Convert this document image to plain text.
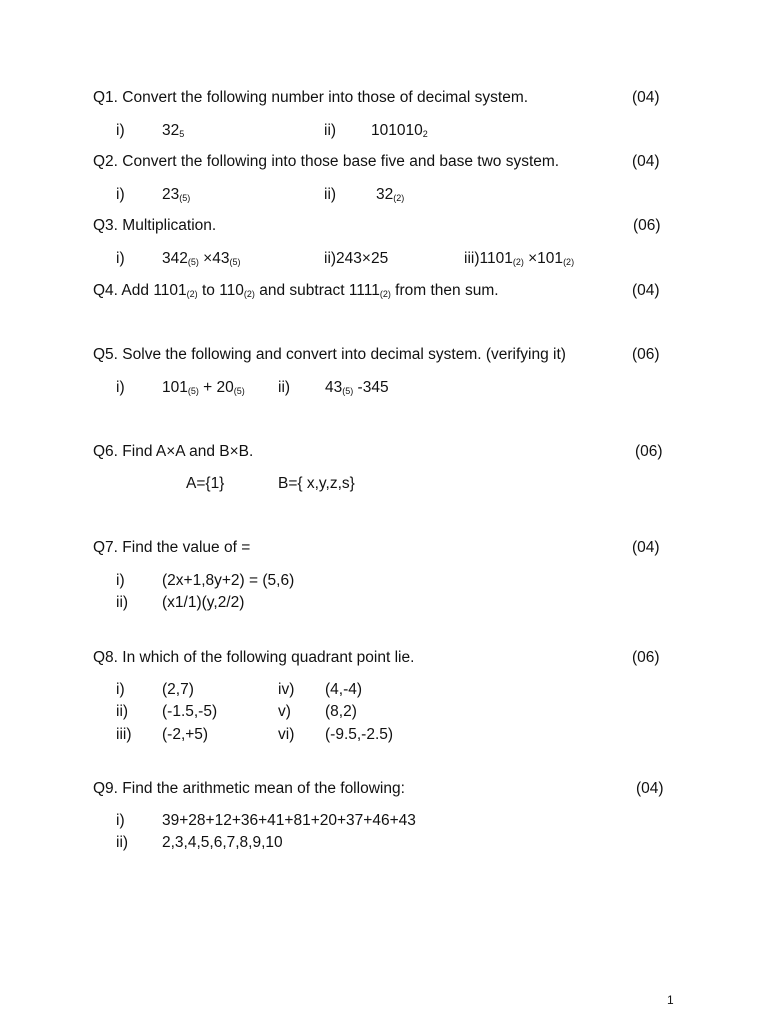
Q1. Convert the following number into those of decimal system.	(04)
i) $32_5$	ii) $101010_2$
Q2. Convert the following into those base five and base two system.	(04)
i) $23_{(5)}$	ii)	$32_{(2)}$
Q3. Multiplication.	(06)
i) $342_{(5)} \times 43_{(5)}$	ii)243×25	$iii)1101_{(2)} \times 101_{(2)}$
Q4. Add $1101_{(2)}$ to $110_{(2)}$ and subtract $1111_{(2)}$ from then sum.	(04)
Q5. Solve the following and convert into decimal system. (verifying it)	(06)
i) $101_{(5)} + 20_{(5)}$ ii) $43_{(5)}$ -345
Q6. Find A×A and B×B.	(06)
A={1}	B={ x,y,z,s}
Q7. Find the value of =	(04)
i) (2x+1,8y+2) = (5,6)
ii) (x1/1)(y,2/2)
Q8. In which of the following quadrant point lie.	(06)
i) (2,7)	iv) (4,-4)
ii) (-1.5,-5)	v) (8,2)
iii) (-2,+5)	vi) (-9.5,-2.5)
Q9. Find the arithmetic mean of the following:	(04)
i) 39+28+12+36+41+81+20+37+46+43
ii) 2,3,4,5,6,7,8,9,10
1
